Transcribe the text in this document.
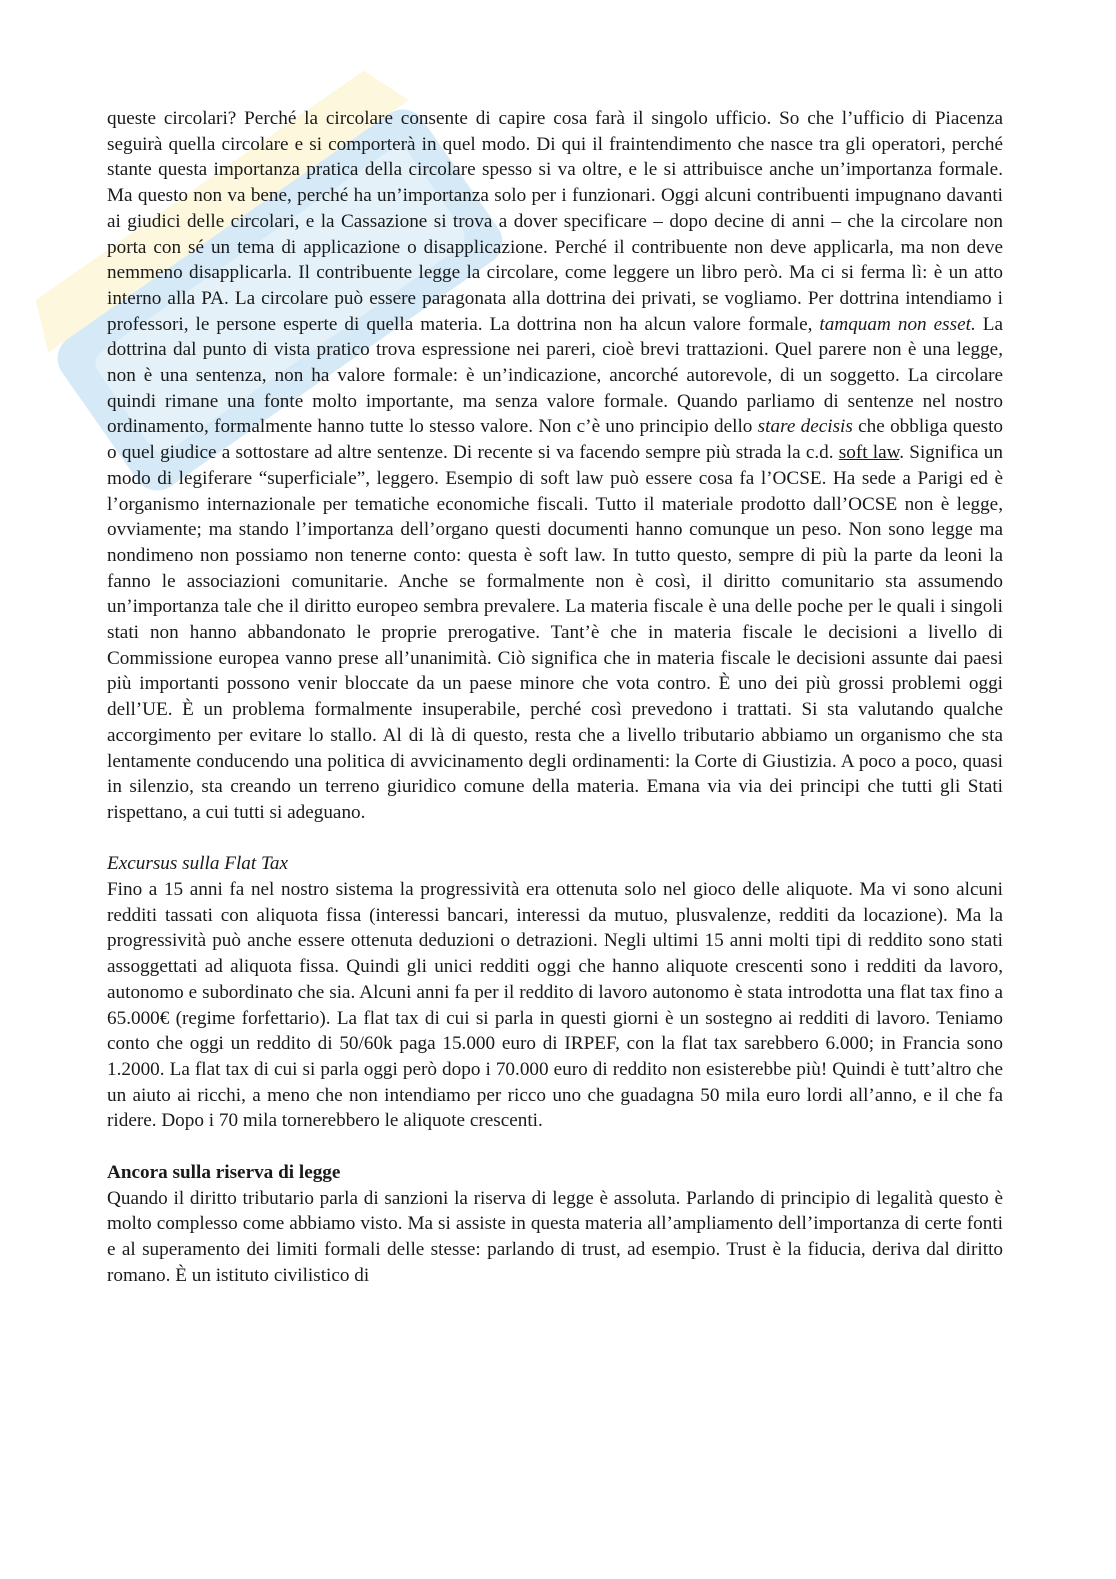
queste circolari? Perché la circolare consente di capire cosa farà il singolo ufficio. So che l’ufficio di Piacenza seguirà quella circolare e si comporterà in quel modo. Di qui il fraintendimento che nasce tra gli operatori, perché stante questa importanza pratica della circolare spesso si va oltre, e le si attribuisce anche un’importanza formale. Ma questo non va bene, perché ha un’importanza solo per i funzionari. Oggi alcuni contribuenti impugnano davanti ai giudici delle circolari, e la Cassazione si trova a dover specificare – dopo decine di anni – che la circolare non porta con sé un tema di applicazione o disapplicazione. Perché il contribuente non deve applicarla, ma non deve nemmeno disapplicarla. Il contribuente legge la circolare, come leggere un libro però. Ma ci si ferma lì: è un atto interno alla PA. La circolare può essere paragonata alla dottrina dei privati, se vogliamo. Per dottrina intendiamo i professori, le persone esperte di quella materia. La dottrina non ha alcun valore formale, tamquam non esset. La dottrina dal punto di vista pratico trova espressione nei pareri, cioè brevi trattazioni. Quel parere non è una legge, non è una sentenza, non ha valore formale: è un’indicazione, ancorché autorevole, di un soggetto. La circolare quindi rimane una fonte molto importante, ma senza valore formale. Quando parliamo di sentenze nel nostro ordinamento, formalmente hanno tutte lo stesso valore. Non c’è uno principio dello stare decisis che obbliga questo o quel giudice a sottostare ad altre sentenze. Di recente si va facendo sempre più strada la c.d. soft law. Significa un modo di legiferare “superficiale”, leggero. Esempio di soft law può essere cosa fa l’OCSE. Ha sede a Parigi ed è l’organismo internazionale per tematiche economiche fiscali. Tutto il materiale prodotto dall’OCSE non è legge, ovviamente; ma stando l’importanza dell’organo questi documenti hanno comunque un peso. Non sono legge ma nondimeno non possiamo non tenerne conto: questa è soft law. In tutto questo, sempre di più la parte da leoni la fanno le associazioni comunitarie. Anche se formalmente non è così, il diritto comunitario sta assumendo un’importanza tale che il diritto europeo sembra prevalere. La materia fiscale è una delle poche per le quali i singoli stati non hanno abbandonato le proprie prerogative. Tant’è che in materia fiscale le decisioni a livello di Commissione europea vanno prese all’unanimità. Ciò significa che in materia fiscale le decisioni assunte dai paesi più importanti possono venir bloccate da un paese minore che vota contro. È uno dei più grossi problemi oggi dell’UE. È un problema formalmente insuperabile, perché così prevedono i trattati. Si sta valutando qualche accorgimento per evitare lo stallo. Al di là di questo, resta che a livello tributario abbiamo un organismo che sta lentamente conducendo una politica di avvicinamento degli ordinamenti: la Corte di Giustizia. A poco a poco, quasi in silenzio, sta creando un terreno giuridico comune della materia. Emana via via dei principi che tutti gli Stati rispettano, a cui tutti si adeguano.

Excursus sulla Flat Tax

Fino a 15 anni fa nel nostro sistema la progressività era ottenuta solo nel gioco delle aliquote. Ma vi sono alcuni redditi tassati con aliquota fissa (interessi bancari, interessi da mutuo, plusvalenze, redditi da locazione). Ma la progressività può anche essere ottenuta deduzioni o detrazioni. Negli ultimi 15 anni molti tipi di reddito sono stati assoggettati ad aliquota fissa. Quindi gli unici redditi oggi che hanno aliquote crescenti sono i redditi da lavoro, autonomo e subordinato che sia. Alcuni anni fa per il reddito di lavoro autonomo è stata introdotta una flat tax fino a 65.000€ (regime forfettario). La flat tax di cui si parla in questi giorni è un sostegno ai redditi di lavoro. Teniamo conto che oggi un reddito di 50/60k paga 15.000 euro di IRPEF, con la flat tax sarebbero 6.000; in Francia sono 1.2000. La flat tax di cui si parla oggi però dopo i 70.000 euro di reddito non esisterebbe più! Quindi è tutt’altro che un aiuto ai ricchi, a meno che non intendiamo per ricco uno che guadagna 50 mila euro lordi all’anno, e il che fa ridere. Dopo i 70 mila tornerebbero le aliquote crescenti.

Ancora sulla riserva di legge

Quando il diritto tributario parla di sanzioni la riserva di legge è assoluta. Parlando di principio di legalità questo è molto complesso come abbiamo visto. Ma si assiste in questa materia all’ampliamento dell’importanza di certe fonti e al superamento dei limiti formali delle stesse: parlando di trust, ad esempio. Trust è la fiducia, deriva dal diritto romano. È un istituto civilistico di
